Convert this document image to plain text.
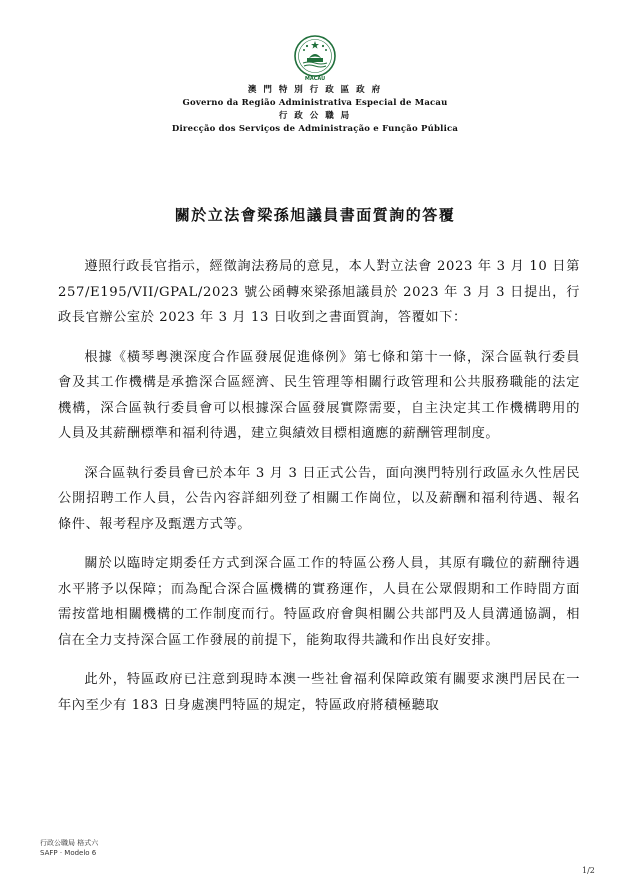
MACAU
澳 門 特 別 行 政 區 政 府
Governo da Região Administrativa Especial de Macau
行 政 公 職 局
Direcção dos Serviços de Administração e Função Pública
關於立法會梁孫旭議員書面質詢的答覆

遵照行政長官指示，經徵詢法務局的意見，本人對立法會 2023 年 3 月 10 日第 257/E195/VII/GPAL/2023 號公函轉來梁孫旭議員於 2023 年 3 月 3 日提出，行政長官辦公室於 2023 年 3 月 13 日收到之書面質詢，答覆如下：

根據《橫琴粵澳深度合作區發展促進條例》第七條和第十一條，深合區執行委員會及其工作機構是承擔深合區經濟、民生管理等相關行政管理和公共服務職能的法定機構，深合區執行委員會可以根據深合區發展實際需要，自主決定其工作機構聘用的人員及其薪酬標準和福利待遇，建立與績效目標相適應的薪酬管理制度。

深合區執行委員會已於本年 3 月 3 日正式公告，面向澳門特別行政區永久性居民公開招聘工作人員，公告內容詳細列登了相關工作崗位，以及薪酬和福利待遇、報名條件、報考程序及甄選方式等。

關於以臨時定期委任方式到深合區工作的特區公務人員，其原有職位的薪酬待遇水平將予以保障；而為配合深合區機構的實務運作，人員在公眾假期和工作時間方面需按當地相關機構的工作制度而行。特區政府會與相關公共部門及人員溝通協調，相信在全力支持深合區工作發展的前提下，能夠取得共識和作出良好安排。

此外，特區政府已注意到現時本澳一些社會福利保障政策有關要求澳門居民在一年內至少有 183 日身處澳門特區的規定，特區政府將積極聽取

行政公職局 格式六
SAFP · Modelo 6
1/2
